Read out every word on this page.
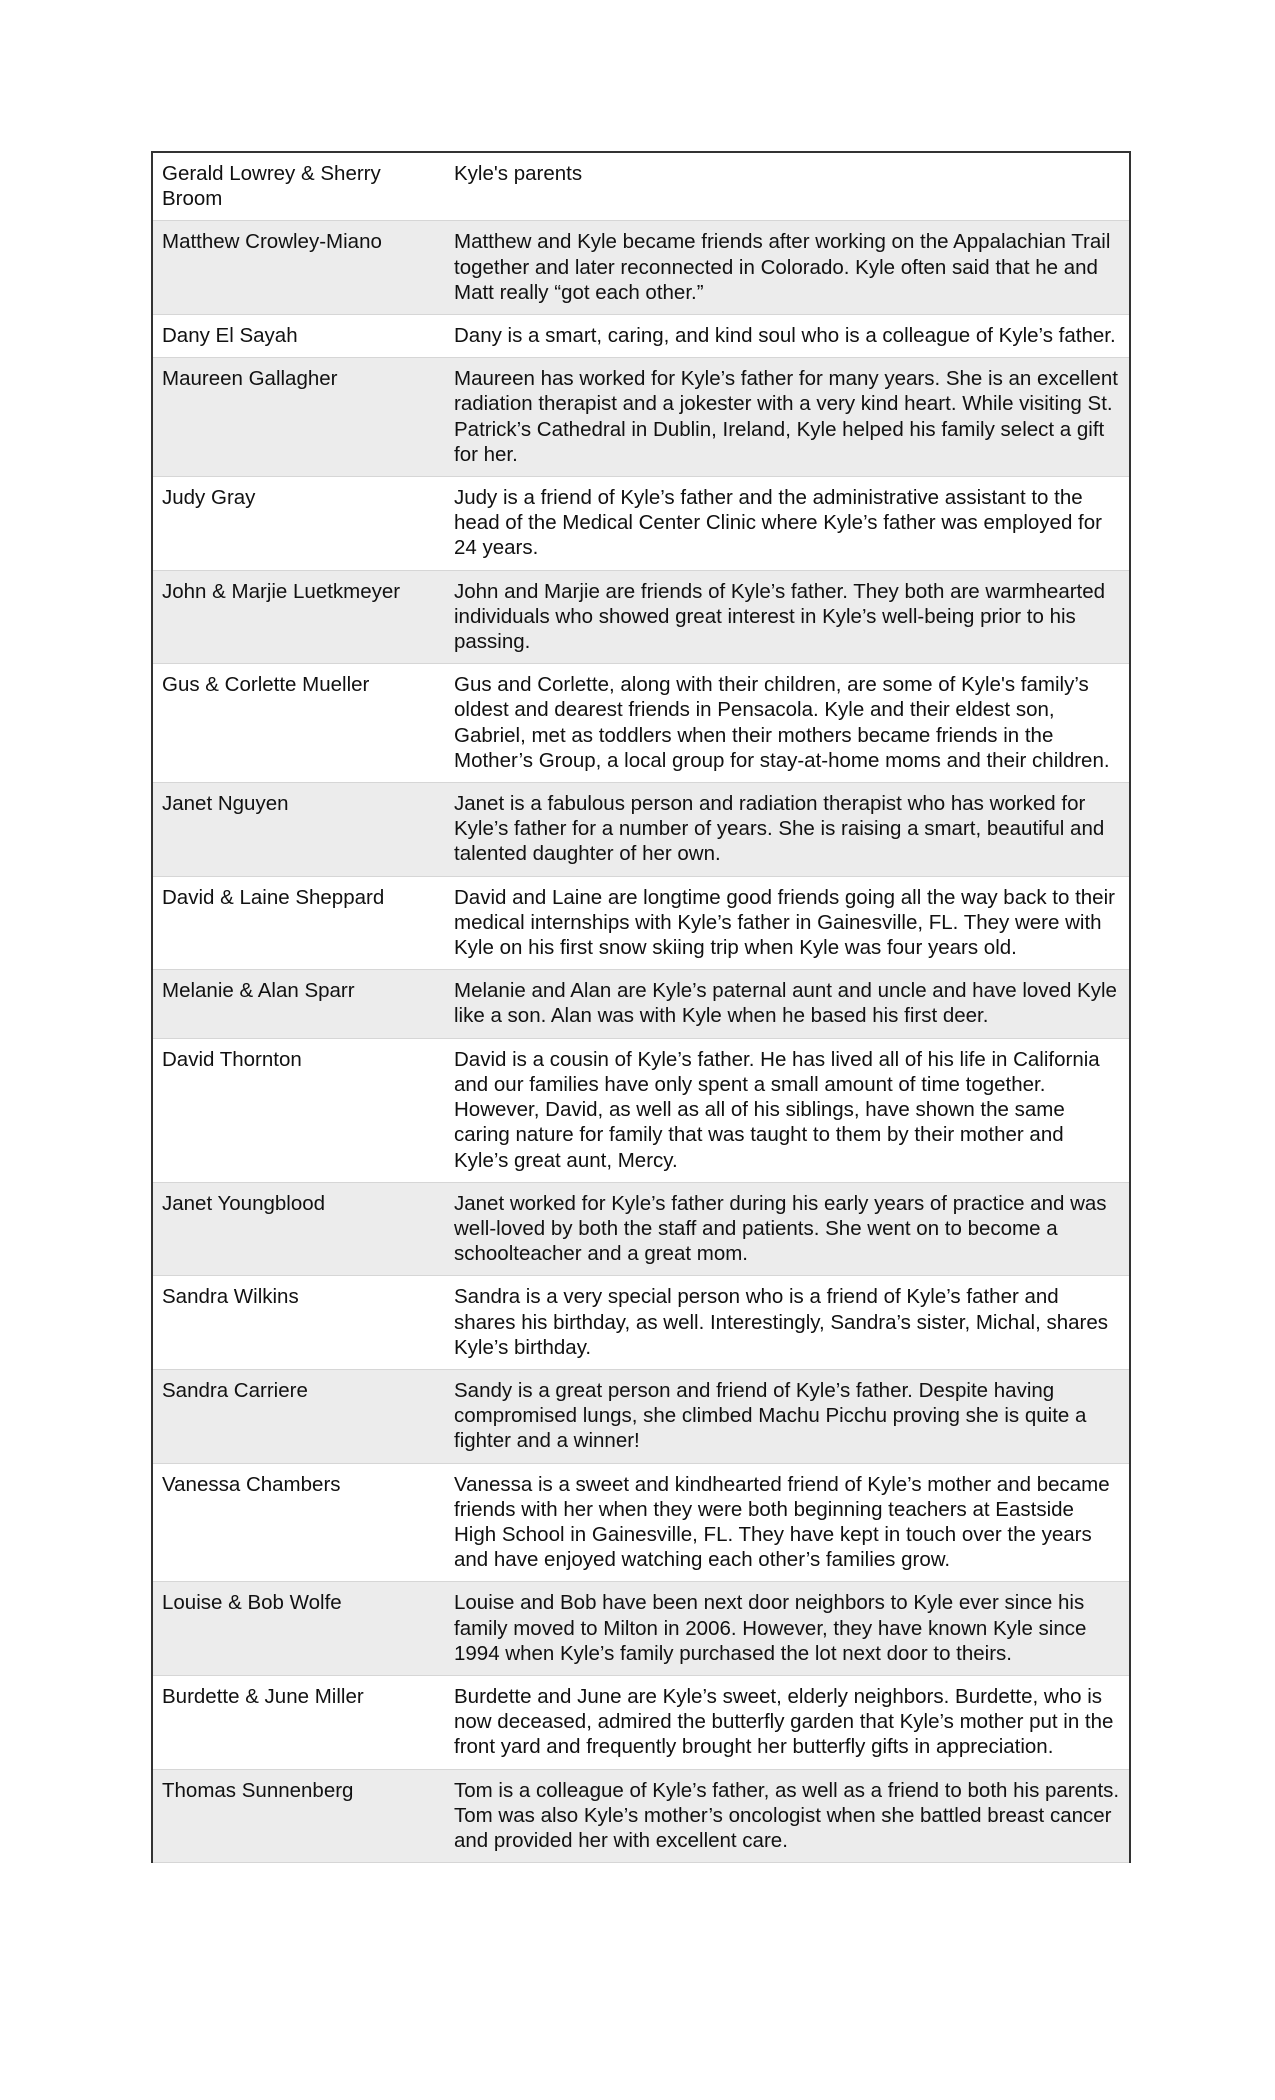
Gerald Lowrey & Sherry Broom	Kyle's parents
Matthew Crowley-Miano	Matthew and Kyle became friends after working on the Appalachian Trail together and later reconnected in Colorado. Kyle often said that he and Matt really “got each other.”
Dany El Sayah	Dany is a smart, caring, and kind soul who is a colleague of Kyle’s father.
Maureen Gallagher	Maureen has worked for Kyle’s father for many years. She is an excellent radiation therapist and a jokester with a very kind heart. While visiting St. Patrick’s Cathedral in Dublin, Ireland, Kyle helped his family select a gift for her.
Judy Gray	Judy is a friend of Kyle’s father and the administrative assistant to the head of the Medical Center Clinic where Kyle’s father was employed for 24 years.
John & Marjie Luetkmeyer	John and Marjie are friends of Kyle’s father. They both are warmhearted individuals who showed great interest in Kyle’s well-being prior to his passing.
Gus & Corlette Mueller	Gus and Corlette, along with their children, are some of Kyle's family’s oldest and dearest friends in Pensacola. Kyle and their eldest son, Gabriel, met as toddlers when their mothers became friends in the Mother’s Group, a local group for stay-at-home moms and their children.
Janet Nguyen	Janet is a fabulous person and radiation therapist who has worked for Kyle’s father for a number of years. She is raising a smart, beautiful and talented daughter of her own.
David & Laine Sheppard	David and Laine are longtime good friends going all the way back to their medical internships with Kyle’s father in Gainesville, FL. They were with Kyle on his first snow skiing trip when Kyle was four years old.
Melanie & Alan Sparr	Melanie and Alan are Kyle’s paternal aunt and uncle and have loved Kyle like a son. Alan was with Kyle when he based his first deer.
David Thornton	David is a cousin of Kyle’s father. He has lived all of his life in California and our families have only spent a small amount of time together. However, David, as well as all of his siblings, have shown the same caring nature for family that was taught to them by their mother and Kyle’s great aunt, Mercy.
Janet Youngblood	Janet worked for Kyle’s father during his early years of practice and was well-loved by both the staff and patients. She went on to become a schoolteacher and a great mom.
Sandra Wilkins	Sandra is a very special person who is a friend of Kyle’s father and shares his birthday, as well. Interestingly, Sandra’s sister, Michal, shares Kyle’s birthday.
Sandra Carriere	Sandy is a great person and friend of Kyle’s father. Despite having compromised lungs, she climbed Machu Picchu proving she is quite a fighter and a winner!
Vanessa Chambers	Vanessa is a sweet and kindhearted friend of Kyle’s mother and became friends with her when they were both beginning teachers at Eastside High School in Gainesville, FL. They have kept in touch over the years and have enjoyed watching each other’s families grow.
Louise & Bob Wolfe	Louise and Bob have been next door neighbors to Kyle ever since his family moved to Milton in 2006. However, they have known Kyle since 1994 when Kyle’s family purchased the lot next door to theirs.
Burdette & June Miller	Burdette and June are Kyle’s sweet, elderly neighbors. Burdette, who is now deceased, admired the butterfly garden that Kyle’s mother put in the front yard and frequently brought her butterfly gifts in appreciation.
Thomas Sunnenberg	Tom is a colleague of Kyle’s father, as well as a friend to both his parents. Tom was also Kyle’s mother’s oncologist when she battled breast cancer and provided her with excellent care.
